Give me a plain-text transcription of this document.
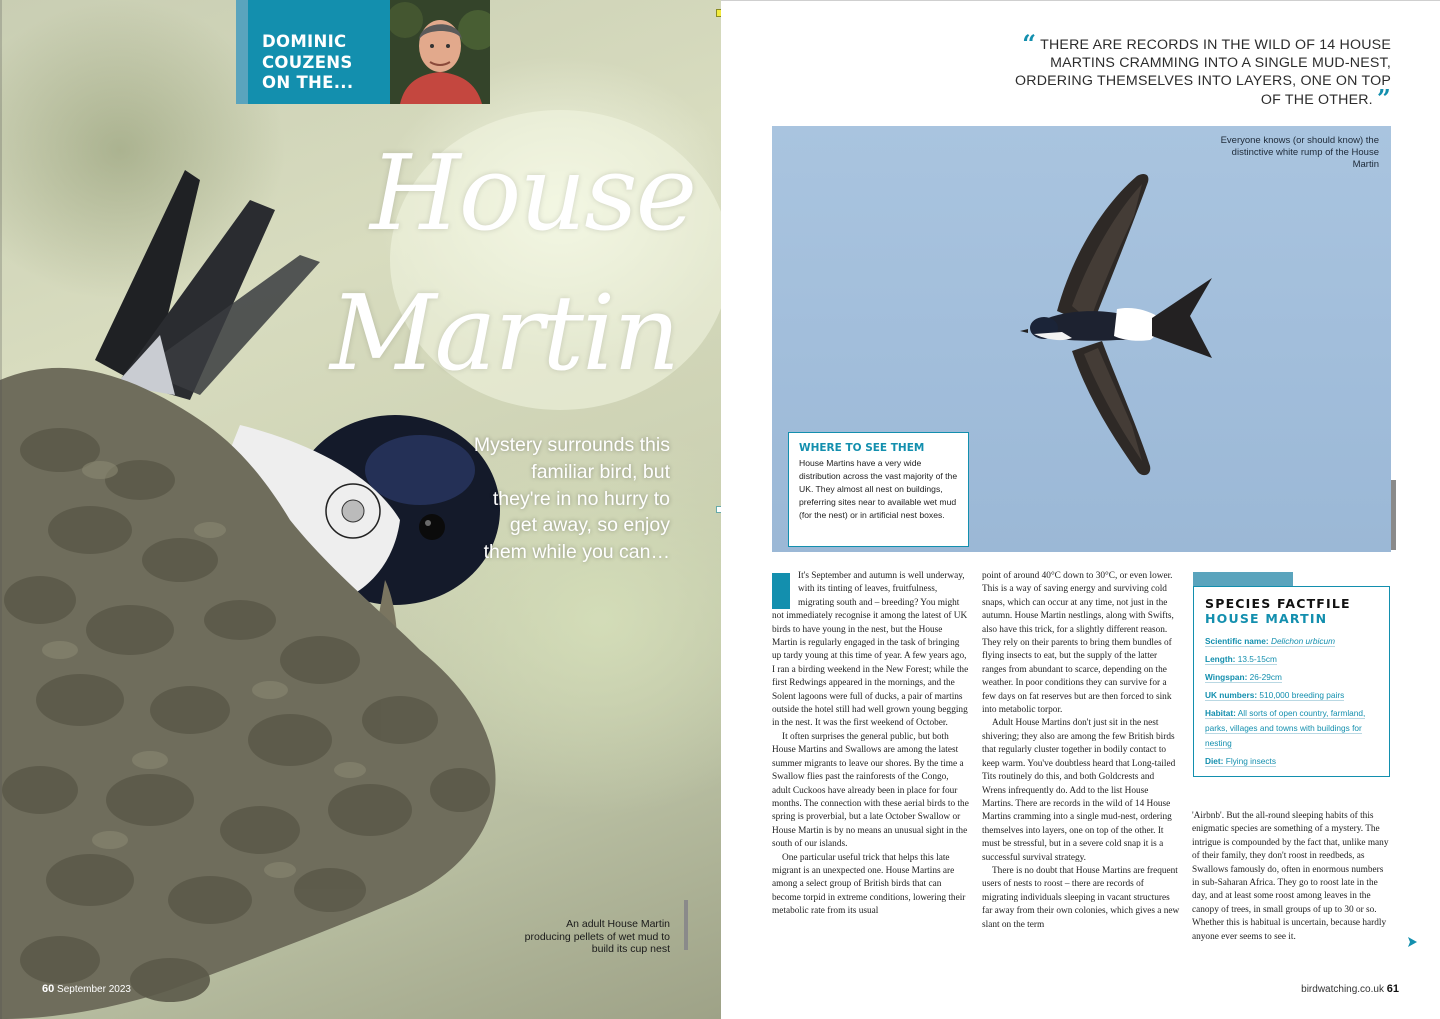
DOMINIC
COUZENS
ON THE...
House
Martin
Mystery surrounds this familiar bird, but they're in no hurry to get away, so enjoy them while you can…
An adult House Martin producing pellets of wet mud to build its cup nest
60 September 2023
“ THERE ARE RECORDS IN THE WILD OF 14 HOUSE MARTINS CRAMMING INTO A SINGLE MUD-NEST, ORDERING THEMSELVES INTO LAYERS, ONE ON TOP OF THE OTHER. ”
Everyone knows (or should know) the distinctive white rump of the House Martin
WHERE TO SEE THEM
House Martins have a very wide distribution across the vast majority of the UK. They almost all nest on buildings, preferring sites near to available wet mud (for the nest) or in artificial nest boxes.

It's September and autumn is well underway, with its tinting of leaves, fruitfulness, migrating south and – breeding? You might not immediately recognise it among the latest of UK birds to have young in the nest, but the House Martin is regularly engaged in the task of bringing up tardy young at this time of year. A few years ago, I ran a birding weekend in the New Forest; while the first Redwings appeared in the mornings, and the Solent lagoons were full of ducks, a pair of martins outside the hotel still had well grown young begging in the nest. It was the first weekend of October.

It often surprises the general public, but both House Martins and Swallows are among the latest summer migrants to leave our shores. By the time a Swallow flies past the rainforests of the Congo, adult Cuckoos have already been in place for four months. The connection with these aerial birds to the spring is proverbial, but a late October Swallow or House Martin is by no means an unusual sight in the south of our islands.

One particular useful trick that helps this late migrant is an unexpected one. House Martins are among a select group of British birds that can become torpid in extreme conditions, lowering their metabolic rate from its usual

point of around 40°C down to 30°C, or even lower. This is a way of saving energy and surviving cold snaps, which can occur at any time, not just in the autumn. House Martin nestlings, along with Swifts, also have this trick, for a slightly different reason. They rely on their parents to bring them bundles of flying insects to eat, but the supply of the latter ranges from abundant to scarce, depending on the weather. In poor conditions they can survive for a few days on fat reserves but are then forced to sink into metabolic torpor.

Adult House Martins don't just sit in the nest shivering; they also are among the few British birds that regularly cluster together in bodily contact to keep warm. You've doubtless heard that Long-tailed Tits routinely do this, and both Goldcrests and Wrens infrequently do. Add to the list House Martins. There are records in the wild of 14 House Martins cramming into a single mud-nest, ordering themselves into layers, one on top of the other. It must be stressful, but in a severe cold snap it is a successful survival strategy.

There is no doubt that House Martins are frequent users of nests to roost – there are records of migrating individuals sleeping in vacant structures far away from their own colonies, which gives a new slant on the term

SPECIES FACTFILE
HOUSE MARTIN
Scientific name: Delichon urbicum
Length: 13.5-15cm
Wingspan: 26-29cm
UK numbers: 510,000 breeding pairs
Habitat: All sorts of open country, farmland, parks, villages and towns with buildings for nesting
Diet: Flying insects

'Airbnb'. But the all-round sleeping habits of this enigmatic species are something of a mystery. The intrigue is compounded by the fact that, unlike many of their family, they don't roost in reedbeds, as Swallows famously do, often in enormous numbers in sub-Saharan Africa. They go to roost late in the day, and at least some roost among leaves in the canopy of trees, in small groups of up to 30 or so. Whether this is habitual is uncertain, because hardly anyone ever seems to see it.

birdwatching.co.uk 61
